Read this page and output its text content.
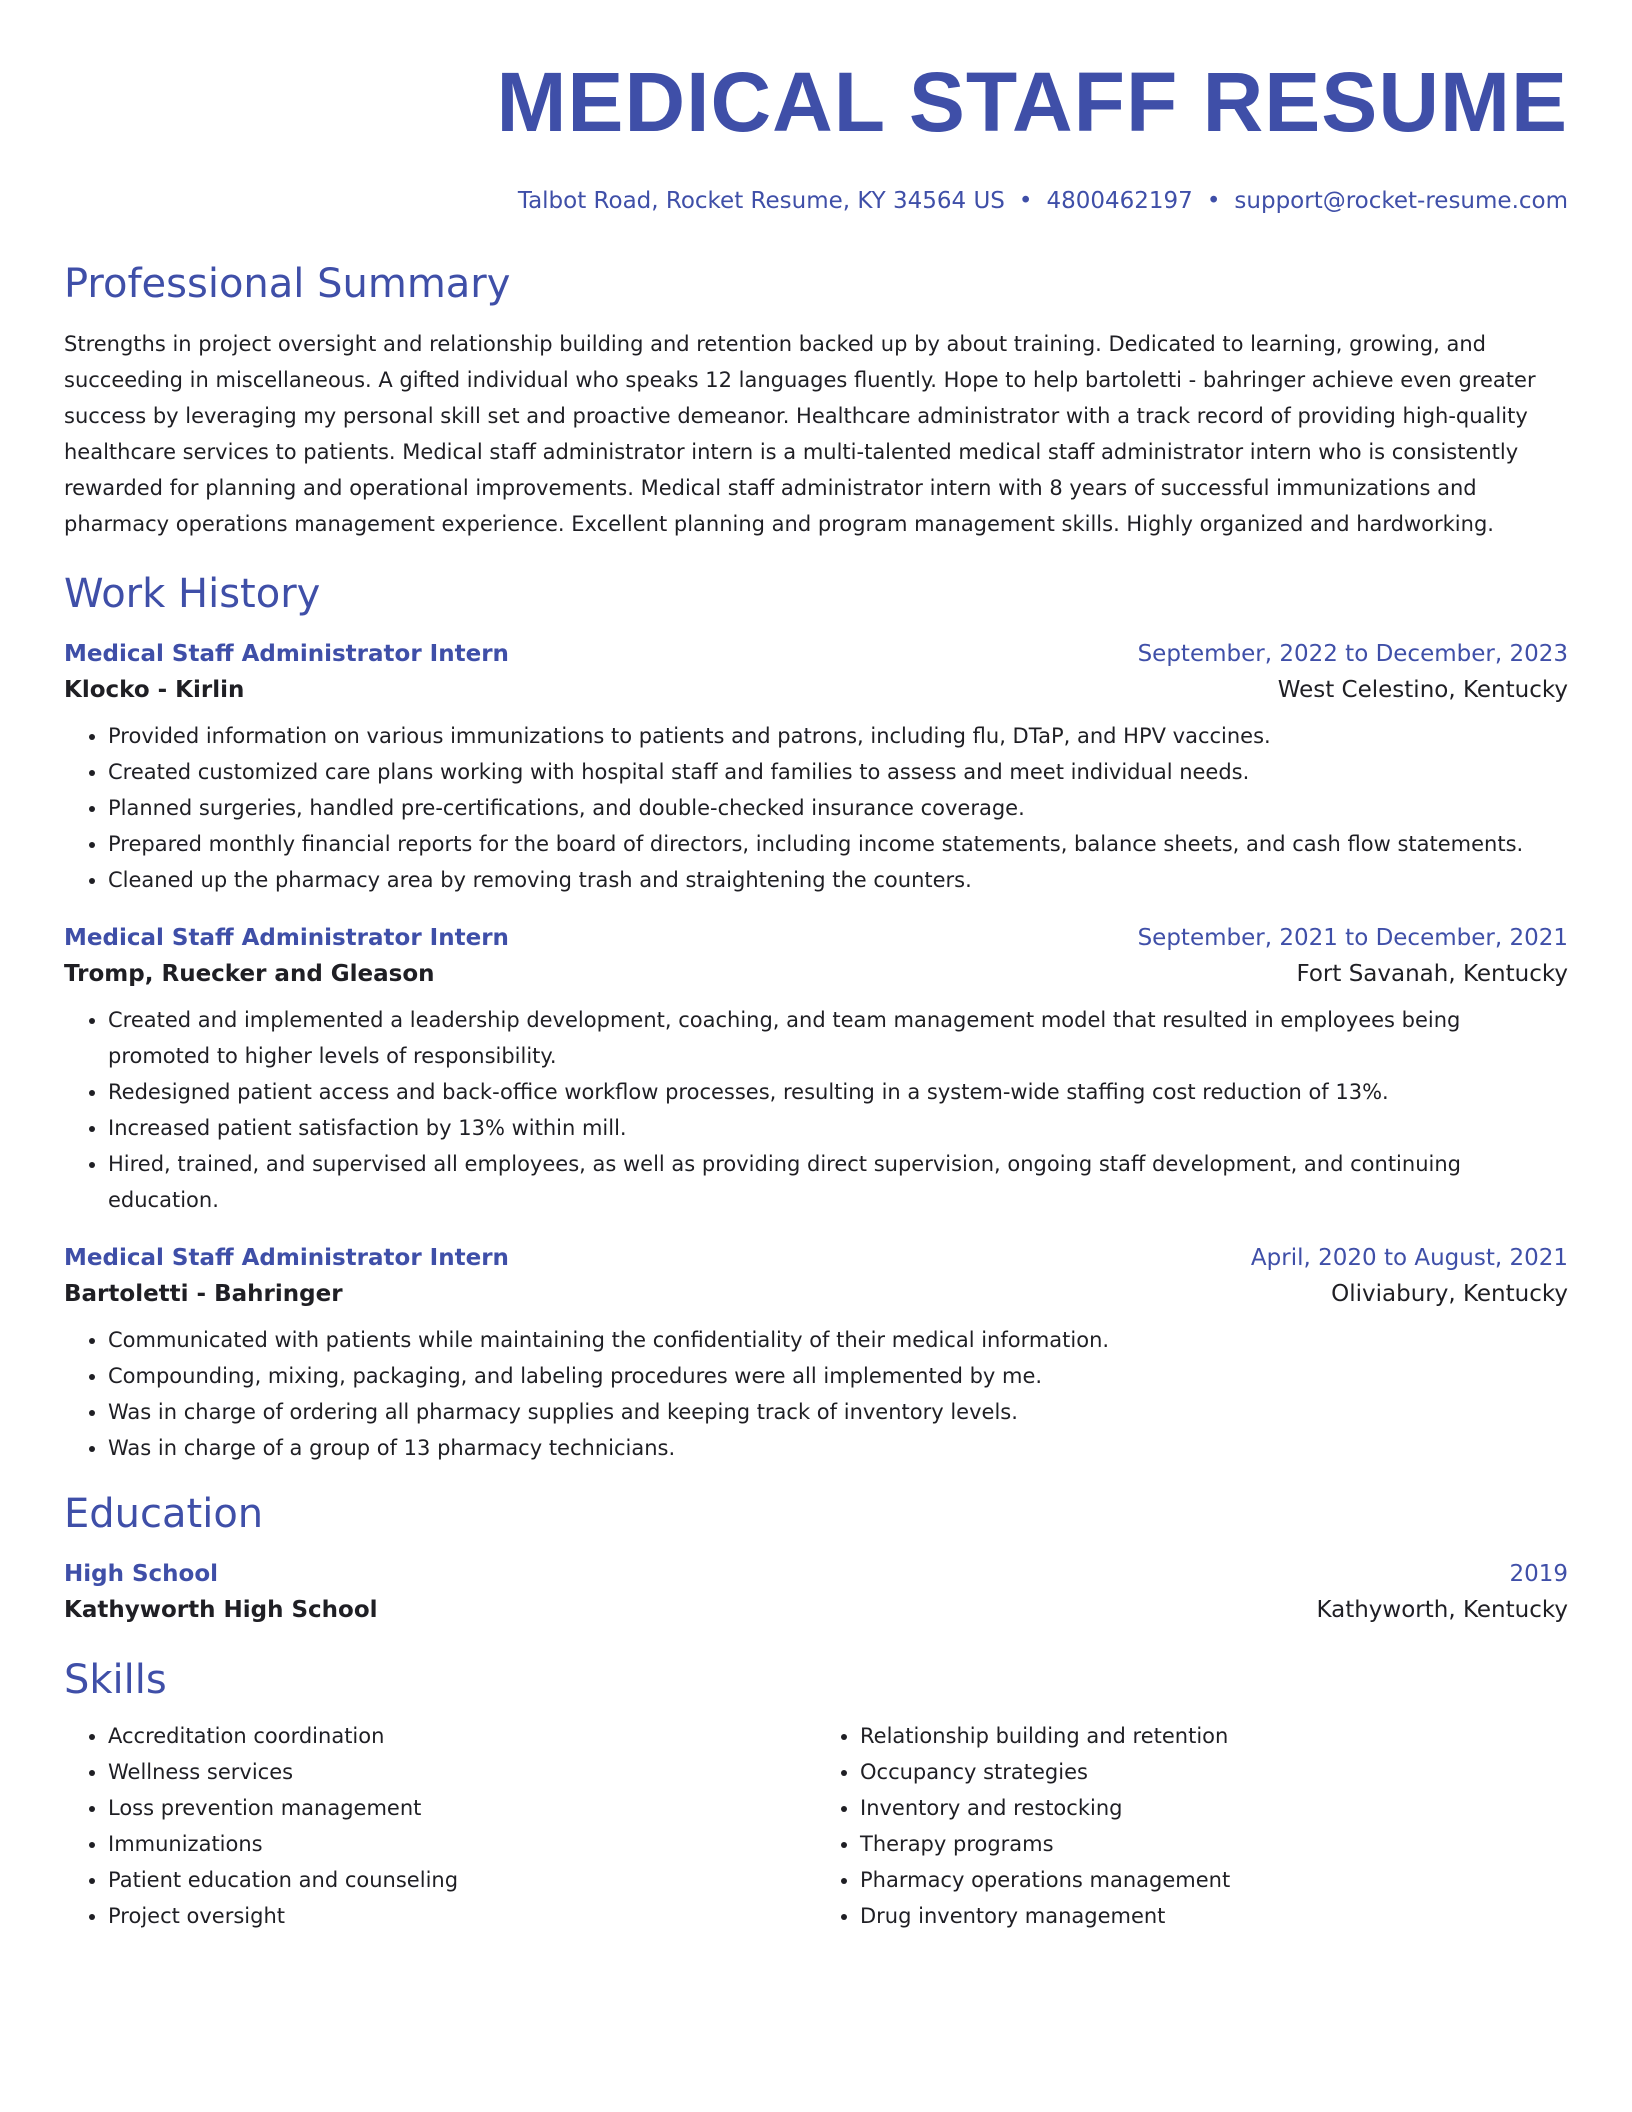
MEDICAL STAFF RESUME
Talbot Road, Rocket Resume, KY 34564 US • 4800462197 • support@rocket-resume.com
Professional Summary

Strengths in project oversight and relationship building and retention backed up by about training. Dedicated to learning, growing, and succeeding in miscellaneous. A gifted individual who speaks 12 languages fluently. Hope to help bartoletti - bahringer achieve even greater success by leveraging my personal skill set and proactive demeanor. Healthcare administrator with a track record of providing high-quality healthcare services to patients. Medical staff administrator intern is a multi-talented medical staff administrator intern who is consistently rewarded for planning and operational improvements. Medical staff administrator intern with 8 years of successful immunizations and pharmacy operations management experience. Excellent planning and program management skills. Highly organized and hardworking.

Work History
Medical Staff Administrator Intern	September, 2022 to December, 2023
Klocko - Kirlin	West Celestino, Kentucky
• Provided information on various immunizations to patients and patrons, including flu, DTaP, and HPV vaccines.
• Created customized care plans working with hospital staff and families to assess and meet individual needs.
• Planned surgeries, handled pre-certifications, and double-checked insurance coverage.
• Prepared monthly financial reports for the board of directors, including income statements, balance sheets, and cash flow statements.
• Cleaned up the pharmacy area by removing trash and straightening the counters.
Medical Staff Administrator Intern	September, 2021 to December, 2021
Tromp, Ruecker and Gleason	Fort Savanah, Kentucky
• Created and implemented a leadership development, coaching, and team management model that resulted in employees being promoted to higher levels of responsibility.
• Redesigned patient access and back-office workflow processes, resulting in a system-wide staffing cost reduction of 13%.
• Increased patient satisfaction by 13% within mill.
• Hired, trained, and supervised all employees, as well as providing direct supervision, ongoing staff development, and continuing education.
Medical Staff Administrator Intern	April, 2020 to August, 2021
Bartoletti - Bahringer	Oliviabury, Kentucky
• Communicated with patients while maintaining the confidentiality of their medical information.
• Compounding, mixing, packaging, and labeling procedures were all implemented by me.
• Was in charge of ordering all pharmacy supplies and keeping track of inventory levels.
• Was in charge of a group of 13 pharmacy technicians.
Education
High School	2019
Kathyworth High School	Kathyworth, Kentucky
Skills
• Accreditation coordination
• Wellness services
• Loss prevention management
• Immunizations
• Patient education and counseling
• Project oversight
• Relationship building and retention
• Occupancy strategies
• Inventory and restocking
• Therapy programs
• Pharmacy operations management
• Drug inventory management
